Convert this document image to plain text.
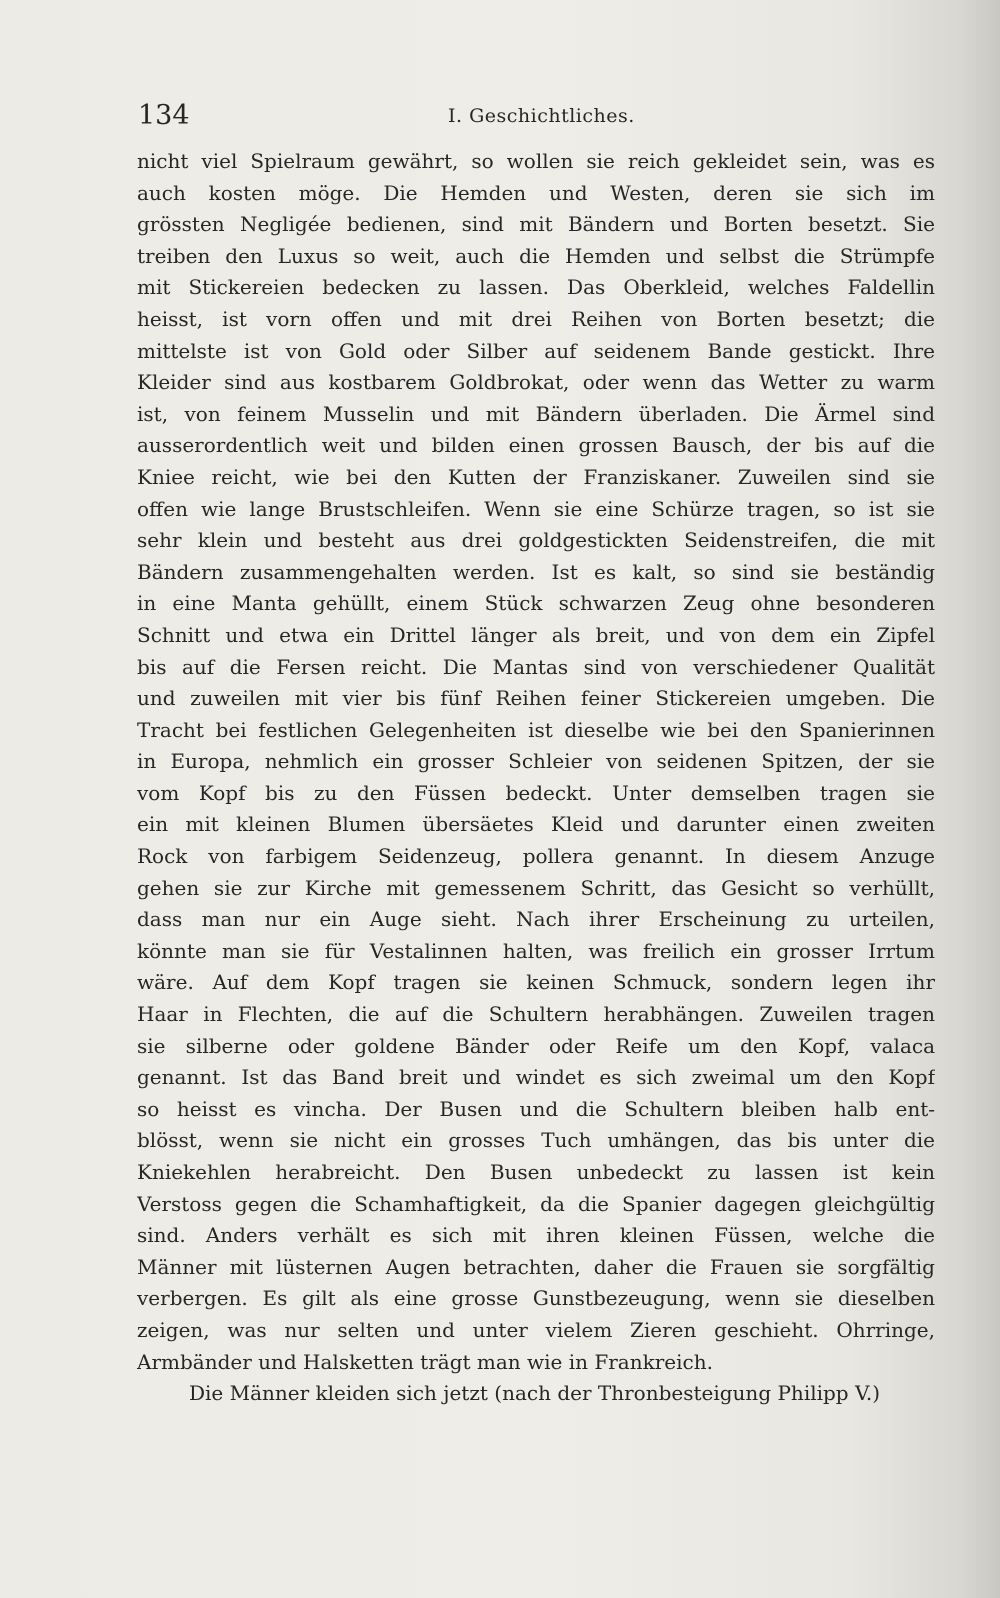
134	I. Geschichtliches.
nicht viel Spielraum gewährt, so wollen sie reich gekleidet sein, was es
auch kosten möge. Die Hemden und Westen, deren sie sich im
grössten Negligée bedienen, sind mit Bändern und Borten besetzt. Sie
treiben den Luxus so weit, auch die Hemden und selbst die Strümpfe
mit Stickereien bedecken zu lassen. Das Oberkleid, welches Faldellin
heisst, ist vorn offen und mit drei Reihen von Borten besetzt; die
mittelste ist von Gold oder Silber auf seidenem Bande gestickt. Ihre
Kleider sind aus kostbarem Goldbrokat, oder wenn das Wetter zu warm
ist, von feinem Musselin und mit Bändern überladen. Die Ärmel sind
ausserordentlich weit und bilden einen grossen Bausch, der bis auf die
Kniee reicht, wie bei den Kutten der Franziskaner. Zuweilen sind sie
offen wie lange Brustschleifen. Wenn sie eine Schürze tragen, so ist sie
sehr klein und besteht aus drei goldgestickten Seidenstreifen, die mit
Bändern zusammengehalten werden. Ist es kalt, so sind sie beständig
in eine Manta gehüllt, einem Stück schwarzen Zeug ohne besonderen
Schnitt und etwa ein Drittel länger als breit, und von dem ein Zipfel
bis auf die Fersen reicht. Die Mantas sind von verschiedener Qualität
und zuweilen mit vier bis fünf Reihen feiner Stickereien umgeben. Die
Tracht bei festlichen Gelegenheiten ist dieselbe wie bei den Spanierinnen
in Europa, nehmlich ein grosser Schleier von seidenen Spitzen, der sie
vom Kopf bis zu den Füssen bedeckt. Unter demselben tragen sie
ein mit kleinen Blumen übersäetes Kleid und darunter einen zweiten
Rock von farbigem Seidenzeug, pollera genannt. In diesem Anzuge
gehen sie zur Kirche mit gemessenem Schritt, das Gesicht so verhüllt,
dass man nur ein Auge sieht. Nach ihrer Erscheinung zu urteilen,
könnte man sie für Vestalinnen halten, was freilich ein grosser Irrtum
wäre. Auf dem Kopf tragen sie keinen Schmuck, sondern legen ihr
Haar in Flechten, die auf die Schultern herabhängen. Zuweilen tragen
sie silberne oder goldene Bänder oder Reife um den Kopf, valaca
genannt. Ist das Band breit und windet es sich zweimal um den Kopf
so heisst es vincha. Der Busen und die Schultern bleiben halb ent-
blösst, wenn sie nicht ein grosses Tuch umhängen, das bis unter die
Kniekehlen herabreicht. Den Busen unbedeckt zu lassen ist kein
Verstoss gegen die Schamhaftigkeit, da die Spanier dagegen gleichgültig
sind. Anders verhält es sich mit ihren kleinen Füssen, welche die
Männer mit lüsternen Augen betrachten, daher die Frauen sie sorgfältig
verbergen. Es gilt als eine grosse Gunstbezeugung, wenn sie dieselben
zeigen, was nur selten und unter vielem Zieren geschieht. Ohrringe,
Armbänder und Halsketten trägt man wie in Frankreich.
Die Männer kleiden sich jetzt (nach der Thronbesteigung Philipp V.)
